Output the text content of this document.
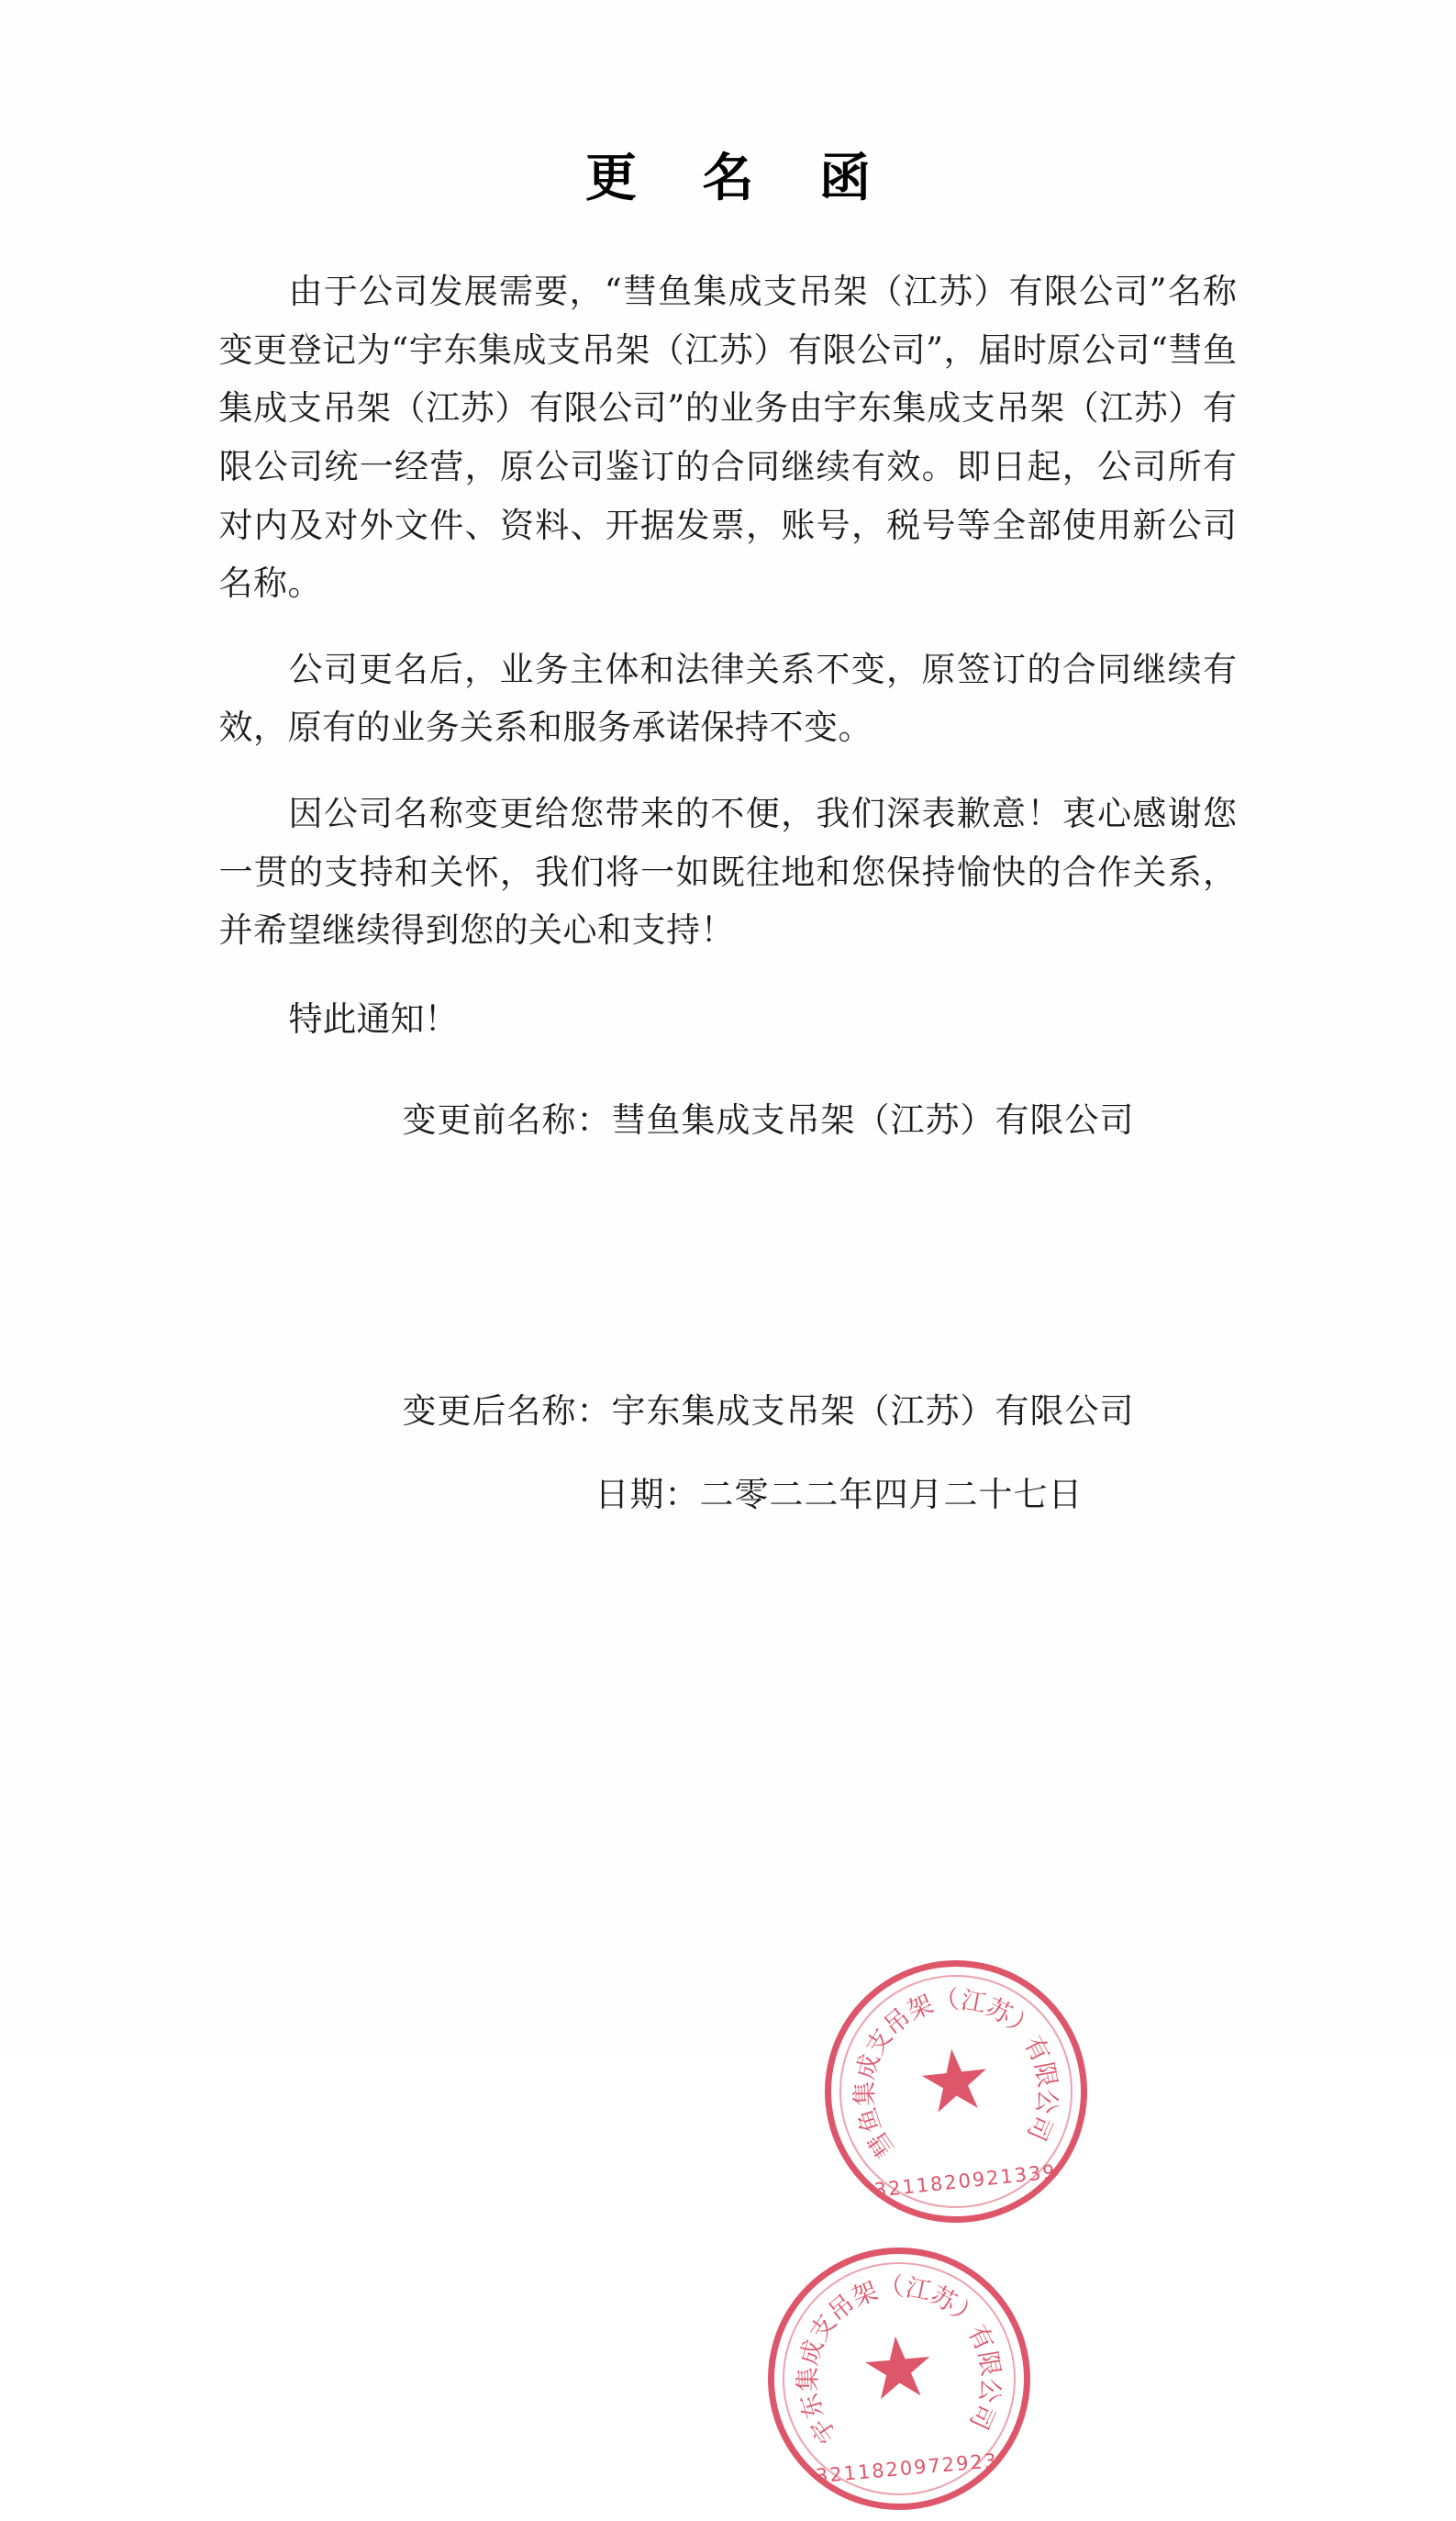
更 名 函

由于公司发展需要，“彗鱼集成支吊架（江苏）有限公司”名称变更登记为“宇东集成支吊架（江苏）有限公司”，届时原公司“彗鱼集成支吊架（江苏）有限公司”的业务由宇东集成支吊架（江苏）有限公司统一经营，原公司鉴订的合同继续有效。即日起，公司所有对内及对外文件、资料、开据发票，账号，税号等全部使用新公司名称。

公司更名后，业务主体和法律关系不变，原签订的合同继续有效，原有的业务关系和服务承诺保持不变。

因公司名称变更给您带来的不便，我们深表歉意！衷心感谢您一贯的支持和关怀，我们将一如既往地和您保持愉快的合作关系，并希望继续得到您的关心和支持！

特此通知！

变更前名称：彗鱼集成支吊架（江苏）有限公司
变更后名称：宇东集成支吊架（江苏）有限公司
日期：二零二二年四月二十七日
彗
鱼
集
成
支
吊
架
（
江
苏
）
有
限
公
司
★
3211820921339
宇
东
集
成
支
吊
架
（
江
苏
）
有
限
公
司
★
3211820972923
